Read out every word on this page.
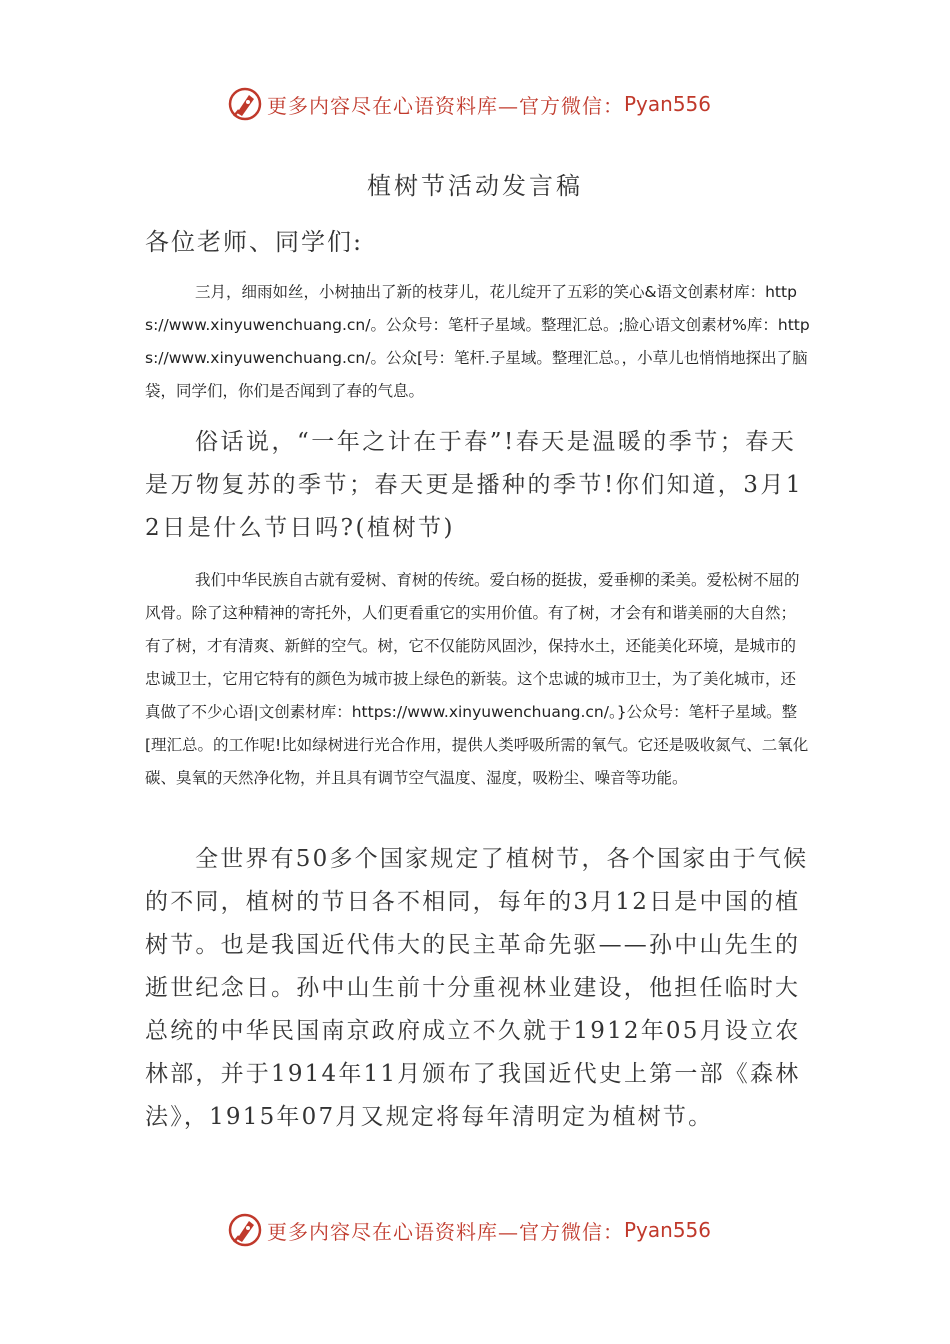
更多内容尽在心语资料库—官方微信： Pyan556
植树节活动发言稿
各位老师、同学们:

三月，细雨如丝，小树抽出了新的枝芽儿，花儿绽开了五彩的笑心&语文创素材库：https://www.xinyuwenchuang.cn/。公众号：笔杆子星域。整理汇总。;脸心语文创素材%库：https://www.xinyuwenchuang.cn/。公众[号：笔杆.子星域。整理汇总。，小草儿也悄悄地探出了脑袋，同学们，你们是否闻到了春的气息。

俗话说，“一年之计在于春”!春天是温暖的季节；春天是万物复苏的季节；春天更是播种的季节!你们知道，3月12日是什么节日吗?(植树节)

我们中华民族自古就有爱树、育树的传统。爱白杨的挺拔，爱垂柳的柔美。爱松树不屈的风骨。除了这种精神的寄托外，人们更看重它的实用价值。有了树，才会有和谐美丽的大自然；有了树，才有清爽、新鲜的空气。树，它不仅能防风固沙，保持水土，还能美化环境，是城市的忠诚卫士，它用它特有的颜色为城市披上绿色的新装。这个忠诚的城市卫士，为了美化城市，还真做了不少心语|文创素材库：https://www.xinyuwenchuang.cn/。}公众号：笔杆子星域。整[理汇总。的工作呢!比如绿树进行光合作用，提供人类呼吸所需的氧气。它还是吸收氮气、二氧化碳、臭氧的天然净化物，并且具有调节空气温度、湿度，吸粉尘、噪音等功能。

全世界有50多个国家规定了植树节，各个国家由于气候的不同，植树的节日各不相同，每年的3月12日是中国的植树节。也是我国近代伟大的民主革命先驱——孙中山先生的逝世纪念日。孙中山生前十分重视林业建设，他担任临时大总统的中华民国南京政府成立不久就于1912年05月设立农林部，并于1914年11月颁布了我国近代史上第一部《森林法》，1915年07月又规定将每年清明定为植树节。

更多内容尽在心语资料库—官方微信： Pyan556
